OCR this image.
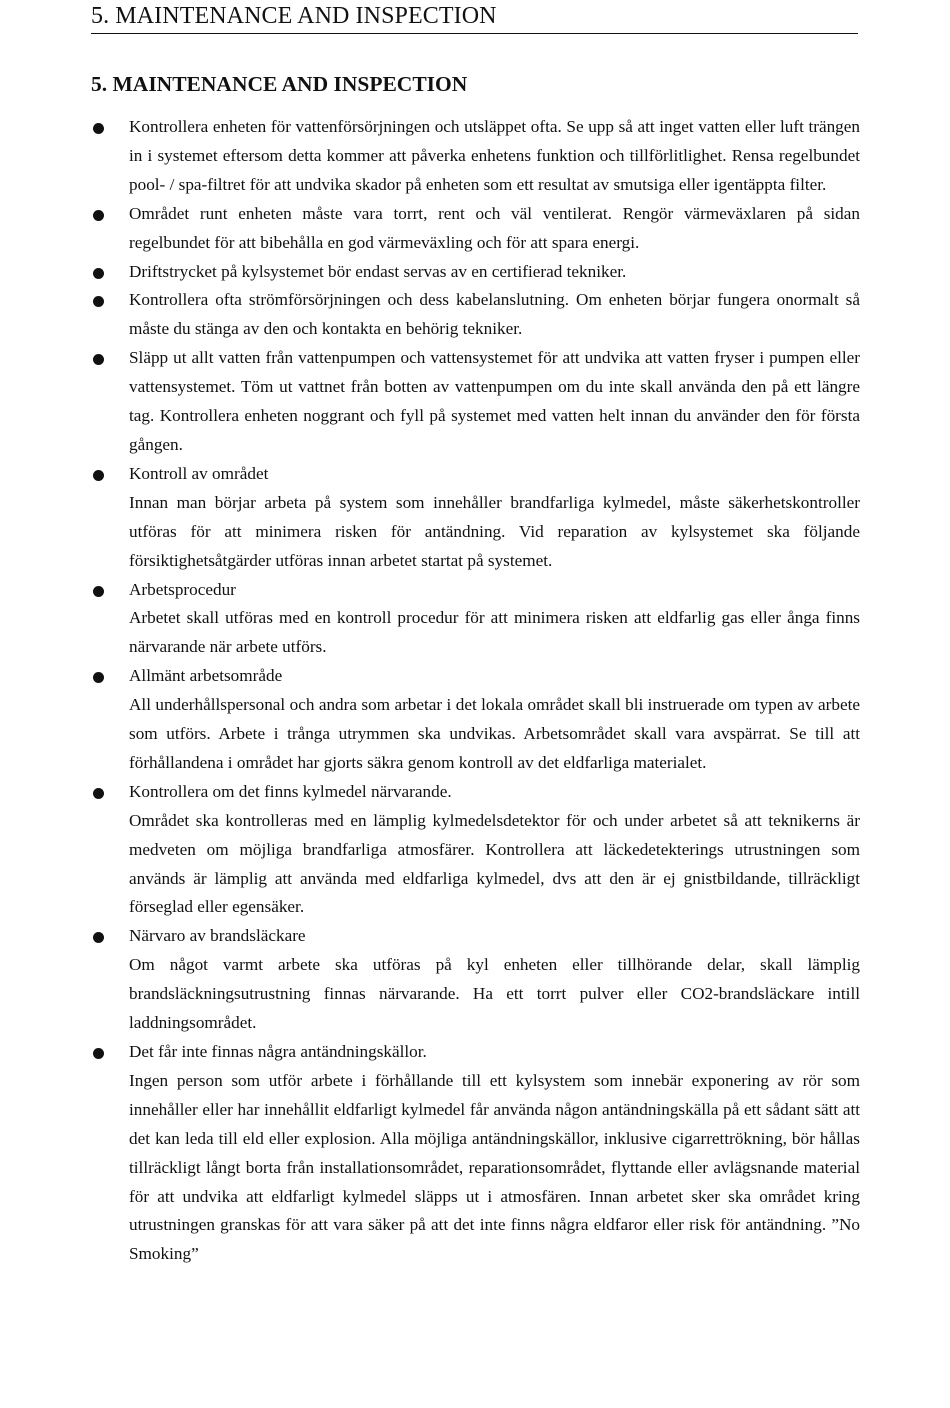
5. MAINTENANCE AND INSPECTION
5. MAINTENANCE AND INSPECTION

Kontrollera enheten för vattenförsörjningen och utsläppet ofta. Se upp så att inget vatten eller luft trängen in i systemet eftersom detta kommer att påverka enhetens funktion och tillförlitlighet. Rensa regelbundet pool- / spa-filtret för att undvika skador på enheten som ett resultat av smutsiga eller igentäppta filter.

Området runt enheten måste vara torrt, rent och väl ventilerat. Rengör värmeväxlaren på sidan regelbundet för att bibehålla en god värmeväxling och för att spara energi.

Driftstrycket på kylsystemet bör endast servas av en certifierad tekniker.

Kontrollera ofta strömförsörjningen och dess kabelanslutning. Om enheten börjar fungera onormalt så måste du stänga av den och kontakta en behörig tekniker.

Släpp ut allt vatten från vattenpumpen och vattensystemet för att undvika att vatten fryser i pumpen eller vattensystemet. Töm ut vattnet från botten av vattenpumpen om du inte skall använda den på ett längre tag. Kontrollera enheten noggrant och fyll på systemet med vatten helt innan du använder den för första gången.

Kontroll av området

Innan man börjar arbeta på system som innehåller brandfarliga kylmedel, måste säkerhetskontroller utföras för att minimera risken för antändning. Vid reparation av kylsystemet ska följande försiktighetsåtgärder utföras innan arbetet startat på systemet.

Arbetsprocedur

Arbetet skall utföras med en kontroll procedur för att minimera risken att eldfarlig gas eller ånga finns närvarande när arbete utförs.

Allmänt arbetsområde

All underhållspersonal och andra som arbetar i det lokala området skall bli instruerade om typen av arbete som utförs. Arbete i trånga utrymmen ska undvikas. Arbetsområdet skall vara avspärrat. Se till att förhållandena i området har gjorts säkra genom kontroll av det eldfarliga materialet.

Kontrollera om det finns kylmedel närvarande.

Området ska kontrolleras med en lämplig kylmedelsdetektor för och under arbetet så att teknikerns är medveten om möjliga brandfarliga atmosfärer. Kontrollera att läckedetekterings utrustningen som används är lämplig att använda med eldfarliga kylmedel, dvs att den är ej gnistbildande, tillräckligt förseglad eller egensäker.

Närvaro av brandsläckare

Om något varmt arbete ska utföras på kyl enheten eller tillhörande delar, skall lämplig brandsläckningsutrustning finnas närvarande. Ha ett torrt pulver eller CO2-brandsläckare intill laddningsområdet.

Det får inte finnas några antändningskällor.

Ingen person som utför arbete i förhållande till ett kylsystem som innebär exponering av rör som innehåller eller har innehållit eldfarligt kylmedel får använda någon antändningskälla på ett sådant sätt att det kan leda till eld eller explosion. Alla möjliga antändningskällor, inklusive cigarrettrökning, bör hållas tillräckligt långt borta från installationsområdet, reparationsområdet, flyttande eller avlägsnande material för att undvika att eldfarligt kylmedel släpps ut i atmosfären. Innan arbetet sker ska området kring utrustningen granskas för att vara säker på att det inte finns några eldfaror eller risk för antändning. ”No Smoking”
